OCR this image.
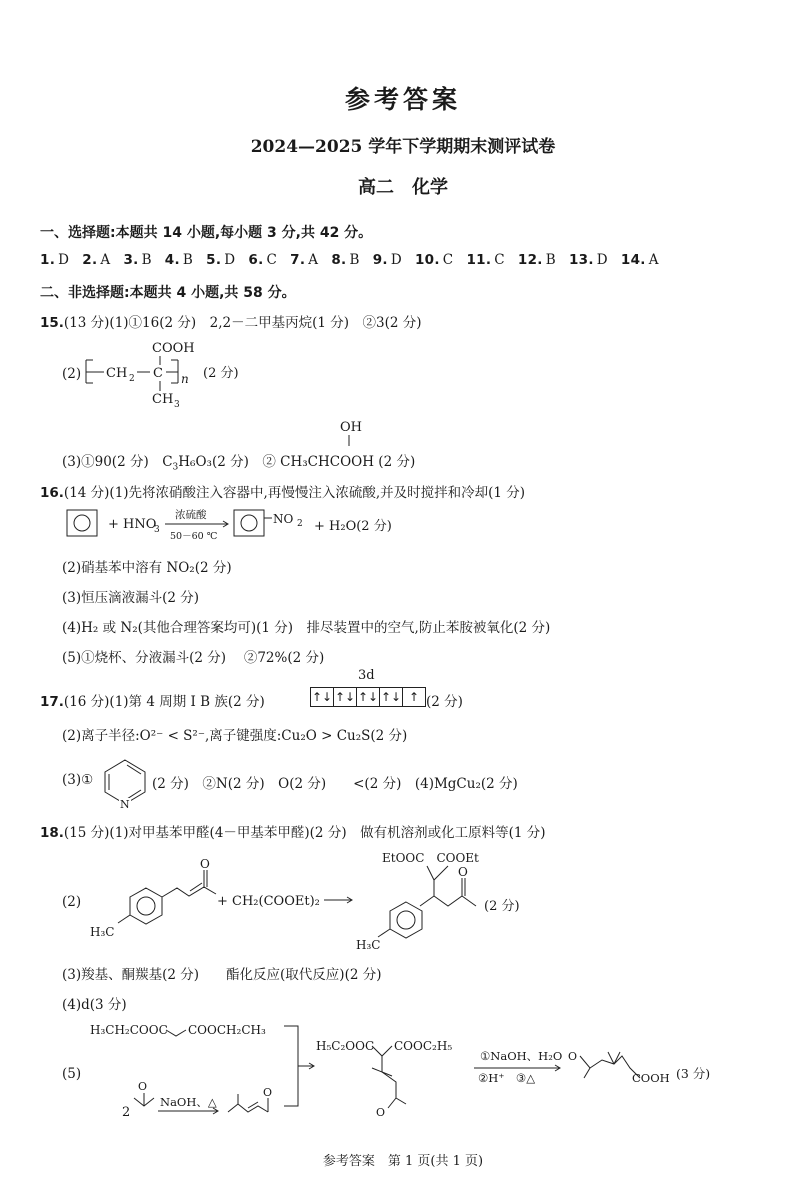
参考答案
2024—2025 学年下学期期末测评试卷
高二　化学
一、选择题:本题共 14 小题,每小题 3 分,共 42 分。
1. D 2. A 3. B 4. B 5. D 6. C 7. A 8. B 9. D 10. C 11. C 12. B 13. D 14. A
二、非选择题:本题共 4 小题,共 58 分。
15.(13 分)(1)①16(2 分)　2,2－二甲基丙烷(1 分)　②3(2 分)
(2)
COOH
CH 2 C n
CH 3
(2 分)
OH
(3)①90(2 分)　$C_3H_6O_3(2$ 分)　② CH₃CHCOOH (2 分)
16.(14 分)(1)先将浓硝酸注入容器中,再慢慢注入浓硫酸,并及时搅拌和冷却(1 分)
+ HNO
3
浓硫酸
50－60 ℃
NO 2 + H₂O(2 分)
(2)硝基苯中溶有 NO₂(2 分)
(3)恒压滴液漏斗(2 分)
(4)H₂ 或 N₂(其他合理答案均可)(1 分)　排尽装置中的空气,防止苯胺被氧化(2 分)
(5)①烧杯、分液漏斗(2 分)　 ②72%(2 分)
17.(16 分)(1)第 4 周期 Ⅰ B 族(2 分)
3d
↑↓ ↑↓ ↑↓ ↑↓ ↑ (2 分)
(2)离子半径:O²⁻ < S²⁻,离子键强度:Cu₂O > Cu₂S(2 分)
(3)①
N
(2 分)　②N(2 分)　O(2 分)　　<(2 分)　(4)MgCu₂(2 分)
18.(15 分)(1)对甲基苯甲醛(4－甲基苯甲醛)(2 分)　做有机溶剂或化工原料等(1 分)
(2)
O
H₃C
+ CH₂(COOEt)₂
EtOOC　COOEt
O
H₃C
(2 分)
(3)羧基、酮羰基(2 分)　　酯化反应(取代反应)(2 分)
(4)d(3 分)
(5)
H₃CH₂COOC COOCH₂CH₃
2
O
NaOH、△
O
H₅C₂OOC COOC₂H₅
O
①NaOH、H₂O
②H⁺　③△
O
COOH (3 分)
参考答案　第 1 页(共 1 页)
